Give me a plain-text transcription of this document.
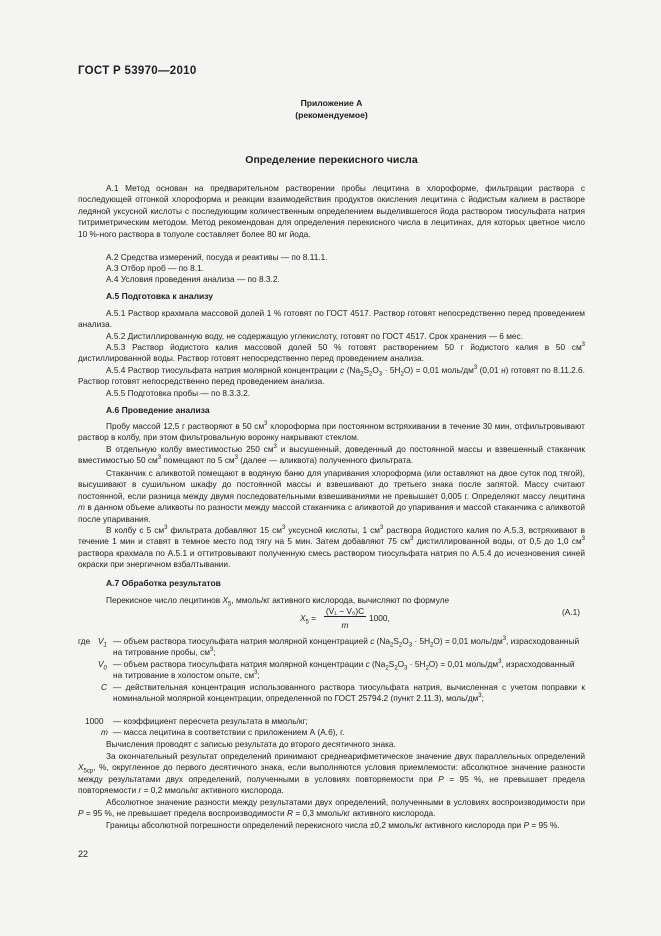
ГОСТ Р 53970—2010
Приложение А
(рекомендуемое)
Определение перекисного числа
А.1 Метод основан на предварительном растворении пробы лецитина в хлороформе, фильтрации раствора с последующей отгонкой хлороформа и реакции взаимодействия продуктов окисления лецитина с йодистым калием в растворе ледяной уксусной кислоты с последующим количественным определением выделившегося йода раствором тиосульфата натрия титриметрическим методом. Метод рекомендован для определения перекисного числа в лецитинах, для которых цветное число 10 %-ного раствора в толуоле составляет более 80 мг йода.
А.2 Средства измерений, посуда и реактивы — по 8.11.1.
А.3 Отбор проб — по 8.1.
А.4 Условия проведения анализа — по 8.3.2.
А.5 Подготовка к анализу
А.5.1 Раствор крахмала массовой долей 1 % готовят по ГОСТ 4517. Раствор готовят непосредственно перед проведением анализа.
А.5.2 Дистиллированную воду, не содержащую углекислоту, готовят по ГОСТ 4517. Срок хранения — 6 мес.
А.5.3 Раствор йодистого калия массовой долей 50 % готовят растворением 50 г йодистого калия в 50 $см^3$ дистиллированной воды. Раствор готовят непосредственно перед проведением анализа.
А.5.4 Раствор тиосульфата натрия молярной концентрации c $(Na_2S_2O_3 \cdot 5H_2O) = 0,01$ моль/$дм^3$ (0,01 н) готовят по 8.11.2.6. Раствор готовят непосредственно перед проведением анализа.
А.5.5 Подготовка пробы — по 8.3.3.2.
А.6 Проведение анализа
Пробу массой 12,5 г растворяют в 50 $см^3$ хлороформа при постоянном встряхивании в течение 30 мин, отфильтровывают раствор в колбу, при этом фильтровальную воронку накрывают стеклом.
В отдельную колбу вместимостью 250 $см^3$ и высушенный, доведенный до постоянной массы и взвешенный стаканчик вместимостью 50 $см^3$ помещают по 5 $см^3$ (далее — аликвота) полученного фильтрата.
Стаканчик с аликвотой помещают в водяную баню для упаривания хлороформа (или оставляют на двое суток под тягой), высушивают в сушильном шкафу до постоянной массы и взвешивают до третьего знака после запятой. Массу считают постоянной, если разница между двумя последовательными взвешиваниями не превышает 0,005 г. Определяют массу лецитина m в данном объеме аликвоты по разности между массой стаканчика с аликвотой до упаривания и массой стаканчика с аликвотой после упаривания.
В колбу с 5 $см^3$ фильтрата добавляют 15 $см^3$ уксусной кислоты, 1 $см^3$ раствора йодистого калия по А.5.3, встряхивают в течение 1 мин и ставят в темное место под тягу на 5 мин. Затем добавляют 75 $см^3$ дистиллированной воды, от 0,5 до 1,0 $см^3$ раствора крахмала по А.5.1 и оттитровывают полученную смесь раствором тиосульфата натрия по А.5.4 до исчезновения синей окраски при энергичном взбалтывании.
А.7 Обработка результатов
Перекисное число лецитинов $X_5$, ммоль/кг активного кислорода, вычисляют по формуле
$X_5$ =
(V₁ − V₀)C
m
1000,
(А.1)
где $V_1$ — объем раствора тиосульфата натрия молярной концентрацией c $(Na_2S_2O_3 \cdot 5H_2O) = 0,01$ моль/$дм^3$, израсходованный на титрование пробы, $см^3$;
$V_0$ — объем раствора тиосульфата натрия молярной концентрации c $(Na_2S_2O_3 \cdot 5H_2O) = 0,01$ моль/$дм^3$, израсходованный на титрование в холостом опыте, $см^3$;
C — действительная концентрация использованного раствора тиосульфата натрия, вычисленная с учетом поправки к номинальной молярной концентрации, определенной по ГОСТ 25794.2 (пункт 2.11.3), моль/$дм^3$;
1000 — коэффициент пересчета результата в ммоль/кг;
m — масса лецитина в соответствии с приложением А (А.6), г.
Вычисления проводят с записью результата до второго десятичного знака.
За окончательный результат определений принимают среднеарифметическое значение двух параллельных определений $X_{5ср}$, %, округленное до первого десятичного знака, если выполняются условия приемлемости: абсолютное значение разности между результатами двух определений, полученными в условиях повторяемости при P = 95 %, не превышает предела повторяемости r = 0,2 ммоль/кг активного кислорода.
Абсолютное значение разности между результатами двух определений, полученными в условиях воспроизводимости при P = 95 %, не превышает предела воспроизводимости R = 0,3 ммоль/кг активного кислорода.
Границы абсолютной погрешности определений перекисного числа ±0,2 ммоль/кг активного кислорода при P = 95 %.
22
